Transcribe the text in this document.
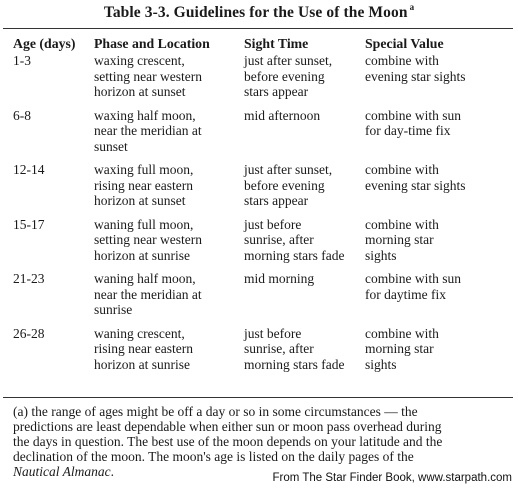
Table 3-3. Guidelines for the Use of the Moon $^a$
Age (days)	Phase and Location	Sight Time	Special Value
1-3	waxing crescent,
setting near western
horizon at sunset	just after sunset,
before evening
stars appear	combine with
evening star sights

6-8	waxing half moon,
near the meridian at
sunset	mid afternoon	combine with sun
for day-time fix

12-14	waxing full moon,
rising near eastern
horizon at sunset	just after sunset,
before evening
stars appear	combine with
evening star sights

15-17	waning full moon,
setting near western
horizon at sunrise	just before
sunrise, after
morning stars fade	combine with
morning star
sights

21-23	waning half moon,
near the meridian at
sunrise	mid morning	combine with sun
for daytime fix

26-28	waning crescent,
rising near eastern
horizon at sunrise	just before
sunrise, after
morning stars fade	combine with
morning star
sights
(a) the range of ages might be off a day or so in some circumstances — the
predictions are least dependable when either sun or moon pass overhead during
the days in question. The best use of the moon depends on your latitude and the
declination of the moon. The moon's age is listed on the daily pages of the
Nautical Almanac.	From The Star Finder Book, www.starpath.com
